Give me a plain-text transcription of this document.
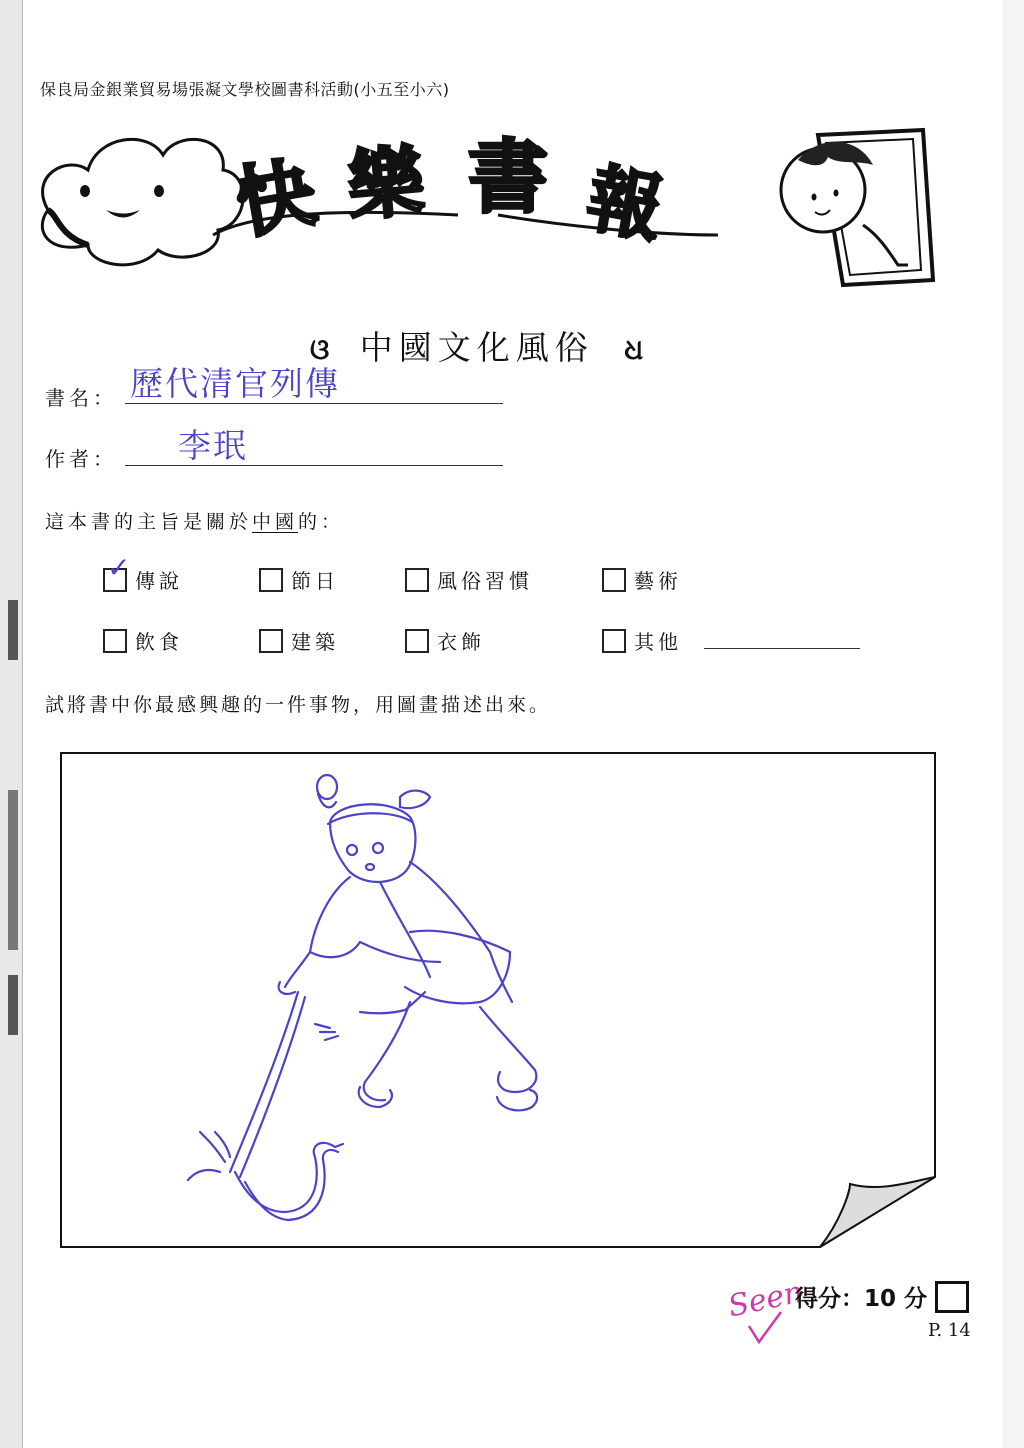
保良局金銀業貿易場張凝文學校圖書科活動(小五至小六)
快 樂 書 報
ଓ 中國文化風俗 ଧ
書名： 歷代清官列傳
作者： 李珉
這本書的主旨是關於中國的：
✓ 傳說	節日	風俗習慣	藝術
飲食	建築	衣飾	其他
試將書中你最感興趣的一件事物，用圖畫描述出來。
Seen
得分：10 分
P. 14
